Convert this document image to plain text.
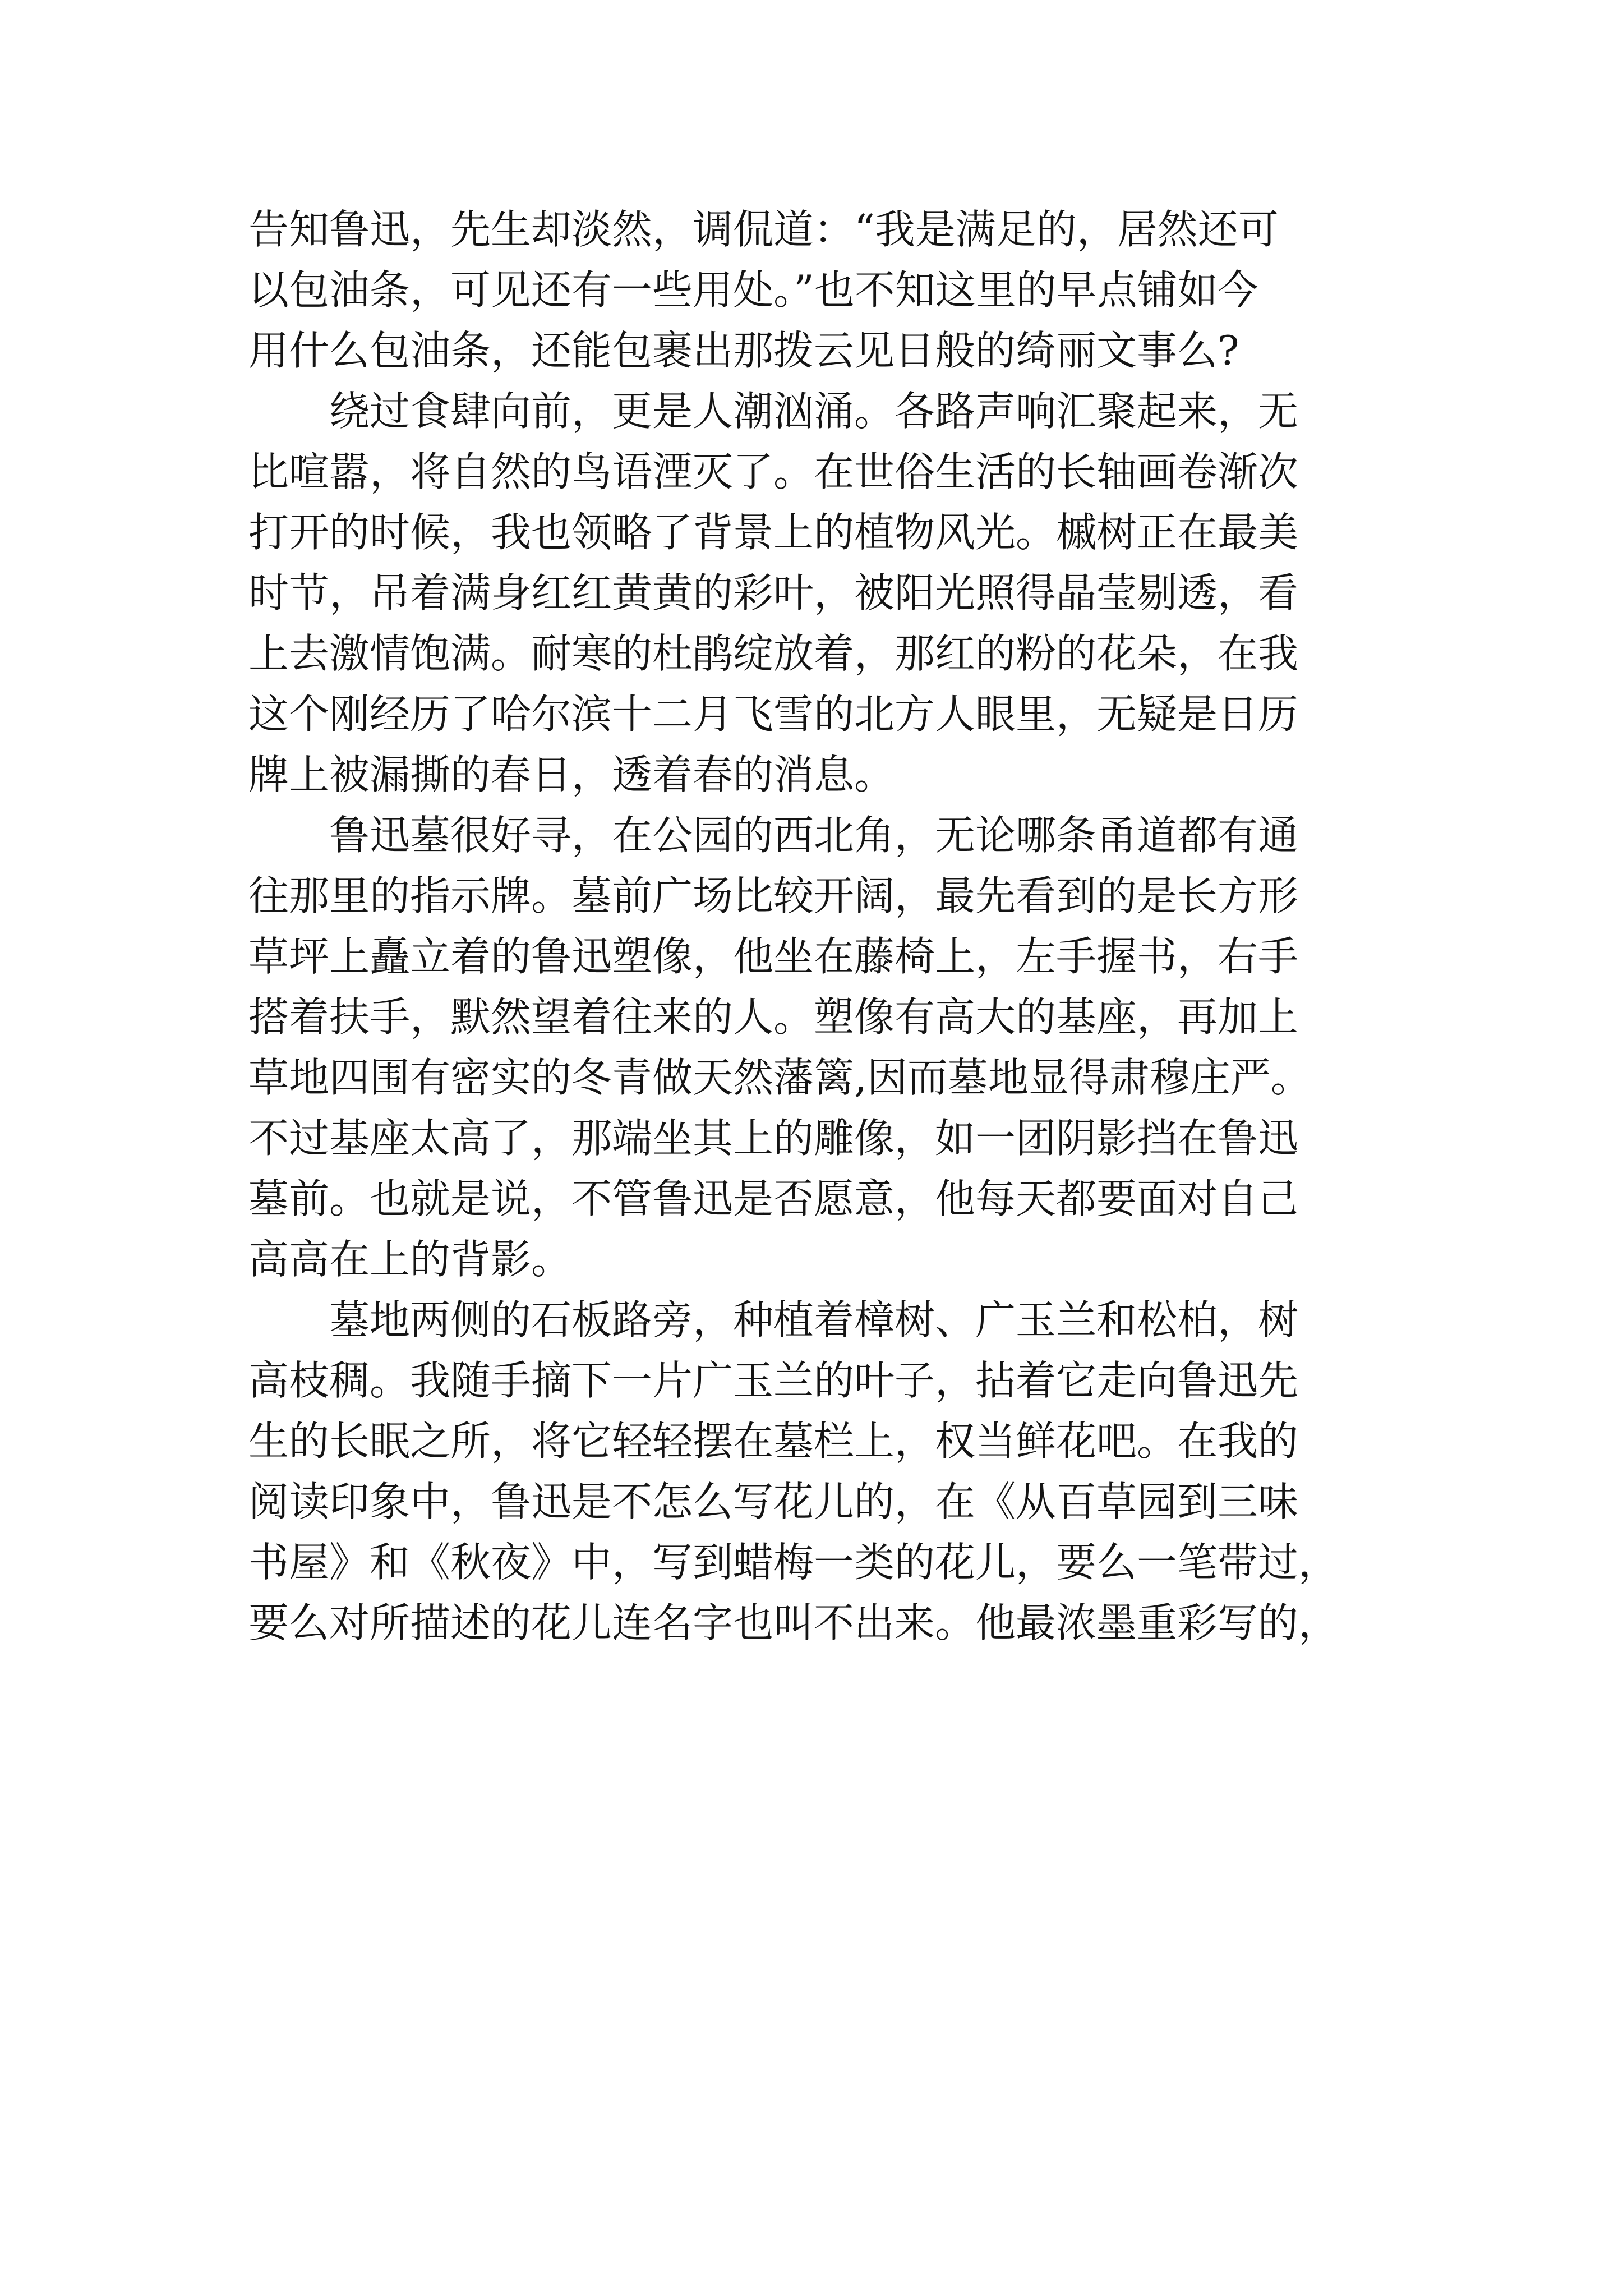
告知鲁迅，先生却淡然，调侃道：“我是满足的，居然还可
以包油条，可见还有一些用处。”也不知这里的早点铺如今
用什么包油条，还能包裹出那拨云见日般的绮丽文事么?
绕过食肆向前，更是人潮汹涌。各路声响汇聚起来，无
比喧嚣，将自然的鸟语湮灭了。在世俗生活的长轴画卷渐次
打开的时候，我也领略了背景上的植物风光。槭树正在最美
时节，吊着满身红红黄黄的彩叶，被阳光照得晶莹剔透，看
上去激情饱满。耐寒的杜鹃绽放着，那红的粉的花朵，在我
这个刚经历了哈尔滨十二月飞雪的北方人眼里，无疑是日历
牌上被漏撕的春日，透着春的消息。
鲁迅墓很好寻，在公园的西北角，无论哪条甬道都有通
往那里的指示牌。墓前广场比较开阔，最先看到的是长方形
草坪上矗立着的鲁迅塑像，他坐在藤椅上，左手握书，右手
搭着扶手，默然望着往来的人。塑像有高大的基座，再加上
草地四围有密实的冬青做天然藩篱,因而墓地显得肃穆庄严。
不过基座太高了，那端坐其上的雕像，如一团阴影挡在鲁迅
墓前。也就是说，不管鲁迅是否愿意，他每天都要面对自己
高高在上的背影。
墓地两侧的石板路旁，种植着樟树、广玉兰和松柏，树
高枝稠。我随手摘下一片广玉兰的叶子，拈着它走向鲁迅先
生的长眠之所，将它轻轻摆在墓栏上，权当鲜花吧。在我的
阅读印象中，鲁迅是不怎么写花儿的，在《从百草园到三味
书屋》和《秋夜》中，写到蜡梅一类的花儿，要么一笔带过，
要么对所描述的花儿连名字也叫不出来。他最浓墨重彩写的，
